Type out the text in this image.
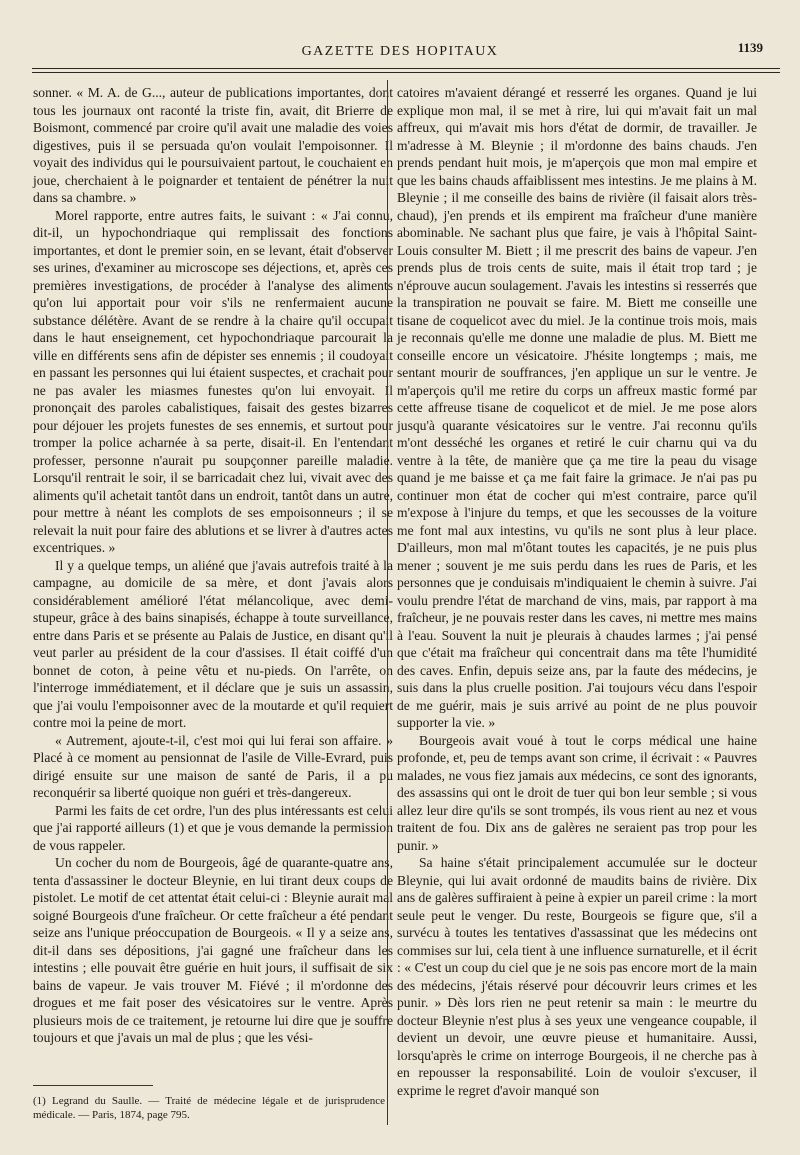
GAZETTE DES HOPITAUX	1139

sonner. « M. A. de G..., auteur de publications importantes, dont tous les journaux ont raconté la triste fin, avait, dit Brierre de Boismont, commencé par croire qu'il avait une maladie des voies digestives, puis il se persuada qu'on voulait l'empoisonner. Il voyait des individus qui le poursuivaient partout, le couchaient en joue, cherchaient à le poignarder et tentaient de pénétrer la nuit dans sa chambre. »

Morel rapporte, entre autres faits, le suivant : « J'ai connu, dit-il, un hypochondriaque qui remplissait des fonctions importantes, et dont le premier soin, en se levant, était d'observer ses urines, d'examiner au microscope ses déjections, et, après ces premières investigations, de procéder à l'analyse des aliments qu'on lui apportait pour voir s'ils ne renfermaient aucune substance délétère. Avant de se rendre à la chaire qu'il occupait dans le haut enseignement, cet hypochondriaque parcourait la ville en différents sens afin de dépister ses ennemis ; il coudoyait en passant les personnes qui lui étaient suspectes, et crachait pour ne pas avaler les miasmes funestes qu'on lui envoyait. Il prononçait des paroles cabalistiques, faisait des gestes bizarres pour déjouer les projets funestes de ses ennemis, et surtout pour tromper la police acharnée à sa perte, disait-il. En l'entendant professer, personne n'aurait pu soupçonner pareille maladie. Lorsqu'il rentrait le soir, il se barricadait chez lui, vivait avec des aliments qu'il achetait tantôt dans un endroit, tantôt dans un autre, pour mettre à néant les complots de ses empoisonneurs ; il se relevait la nuit pour faire des ablutions et se livrer à d'autres actes excentriques. »

Il y a quelque temps, un aliéné que j'avais autrefois traité à la campagne, au domicile de sa mère, et dont j'avais alors considérablement amélioré l'état mélancolique, avec demi-stupeur, grâce à des bains sinapisés, échappe à toute surveillance, entre dans Paris et se présente au Palais de Justice, en disant qu'il veut parler au président de la cour d'assises. Il était coiffé d'un bonnet de coton, à peine vêtu et nu-pieds. On l'arrête, on l'interroge immédiatement, et il déclare que je suis un assassin, que j'ai voulu l'empoisonner avec de la moutarde et qu'il requiert contre moi la peine de mort.

« Autrement, ajoute-t-il, c'est moi qui lui ferai son affaire. » Placé à ce moment au pensionnat de l'asile de Ville-Evrard, puis dirigé ensuite sur une maison de santé de Paris, il a pu reconquérir sa liberté quoique non guéri et très-dangereux.

Parmi les faits de cet ordre, l'un des plus intéressants est celui que j'ai rapporté ailleurs (1) et que je vous demande la permission de vous rappeler.

Un cocher du nom de Bourgeois, âgé de quarante-quatre ans, tenta d'assassiner le docteur Bleynie, en lui tirant deux coups de pistolet. Le motif de cet attentat était celui-ci : Bleynie aurait mal soigné Bourgeois d'une fraîcheur. Or cette fraîcheur a été pendant seize ans l'unique préoccupation de Bourgeois. « Il y a seize ans, dit-il dans ses dépositions, j'ai gagné une fraîcheur dans les intestins ; elle pouvait être guérie en huit jours, il suffisait de six bains de vapeur. Je vais trouver M. Fiévé ; il m'ordonne des drogues et me fait poser des vésicatoires sur le ventre. Après plusieurs mois de ce traitement, je retourne lui dire que je souffre toujours et que j'avais un mal de plus ; que les vési-

(1) Legrand du Saulle. — Traité de médecine légale et de jurisprudence médicale. — Paris, 1874, page 795.

catoires m'avaient dérangé et resserré les organes. Quand je lui explique mon mal, il se met à rire, lui qui m'avait fait un mal affreux, qui m'avait mis hors d'état de dormir, de travailler. Je m'adresse à M. Bleynie ; il m'ordonne des bains chauds. J'en prends pendant huit mois, je m'aperçois que mon mal empire et que les bains chauds affaiblissent mes intestins. Je me plains à M. Bleynie ; il me conseille des bains de rivière (il faisait alors très-chaud), j'en prends et ils empirent ma fraîcheur d'une manière abominable. Ne sachant plus que faire, je vais à l'hôpital Saint-Louis consulter M. Biett ; il me prescrit des bains de vapeur. J'en prends plus de trois cents de suite, mais il était trop tard ; je n'éprouve aucun soulagement. J'avais les intestins si resserrés que la transpiration ne pouvait se faire. M. Biett me conseille une tisane de coquelicot avec du miel. Je la continue trois mois, mais je reconnais qu'elle me donne une maladie de plus. M. Biett me conseille encore un vésicatoire. J'hésite longtemps ; mais, me sentant mourir de souffrances, j'en applique un sur le ventre. Je m'aperçois qu'il me retire du corps un affreux mastic formé par cette affreuse tisane de coquelicot et de miel. Je me pose alors jusqu'à quarante vésicatoires sur le ventre. J'ai reconnu qu'ils m'ont desséché les organes et retiré le cuir charnu qui va du ventre à la tête, de manière que ça me tire la peau du visage quand je me baisse et ça me fait faire la grimace. Je n'ai pas pu continuer mon état de cocher qui m'est contraire, parce qu'il m'expose à l'injure du temps, et que les secousses de la voiture me font mal aux intestins, vu qu'ils ne sont plus à leur place. D'ailleurs, mon mal m'ôtant toutes les capacités, je ne puis plus mener ; souvent je me suis perdu dans les rues de Paris, et les personnes que je conduisais m'indiquaient le chemin à suivre. J'ai voulu prendre l'état de marchand de vins, mais, par rapport à ma fraîcheur, je ne pouvais rester dans les caves, ni mettre mes mains à l'eau. Souvent la nuit je pleurais à chaudes larmes ; j'ai pensé que c'était ma fraîcheur qui concentrait dans ma tête l'humidité des caves. Enfin, depuis seize ans, par la faute des médecins, je suis dans la plus cruelle position. J'ai toujours vécu dans l'espoir de me guérir, mais je suis arrivé au point de ne plus pouvoir supporter la vie. »

Bourgeois avait voué à tout le corps médical une haine profonde, et, peu de temps avant son crime, il écrivait : « Pauvres malades, ne vous fiez jamais aux médecins, ce sont des ignorants, des assassins qui ont le droit de tuer qui bon leur semble ; si vous allez leur dire qu'ils se sont trompés, ils vous rient au nez et vous traitent de fou. Dix ans de galères ne seraient pas trop pour les punir. »

Sa haine s'était principalement accumulée sur le docteur Bleynie, qui lui avait ordonné de maudits bains de rivière. Dix ans de galères suffiraient à peine à expier un pareil crime : la mort seule peut le venger. Du reste, Bourgeois se figure que, s'il a survécu à toutes les tentatives d'assassinat que les médecins ont commises sur lui, cela tient à une influence surnaturelle, et il écrit : « C'est un coup du ciel que je ne sois pas encore mort de la main des médecins, j'étais réservé pour découvrir leurs crimes et les punir. » Dès lors rien ne peut retenir sa main : le meurtre du docteur Bleynie n'est plus à ses yeux une vengeance coupable, il devient un devoir, une œuvre pieuse et humanitaire. Aussi, lorsqu'après le crime on interroge Bourgeois, il ne cherche pas à en repousser la responsabilité. Loin de vouloir s'excuser, il exprime le regret d'avoir manqué son
